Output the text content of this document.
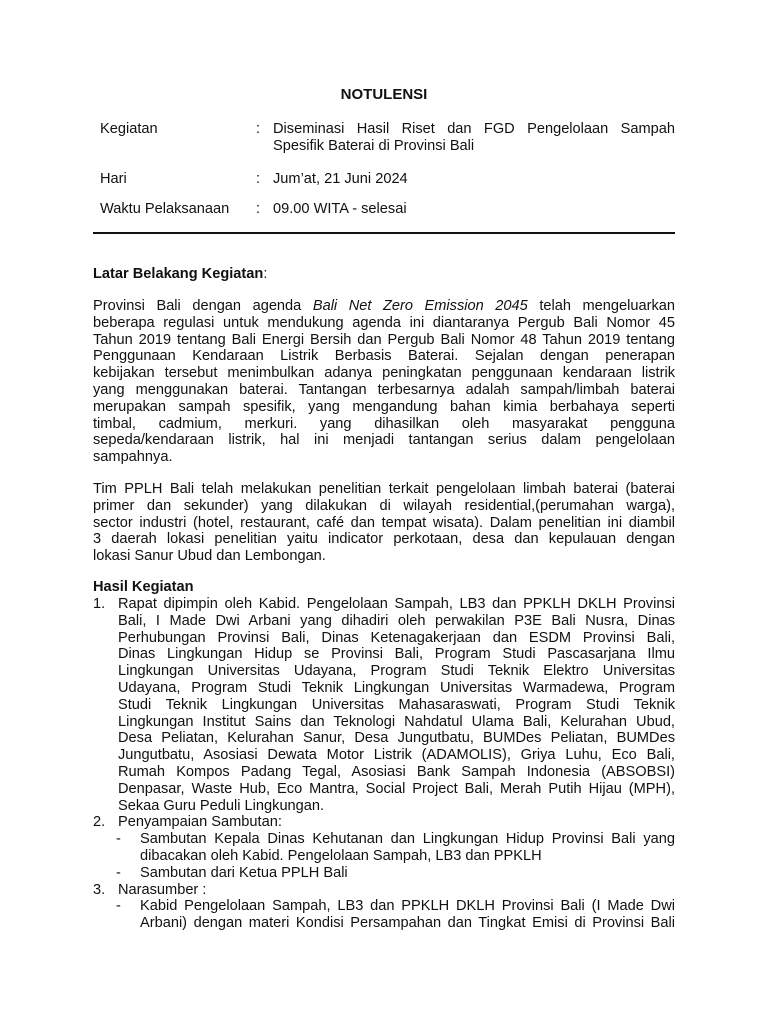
NOTULENSI
Kegiatan	: Diseminasi Hasil Riset dan FGD Pengelolaan Sampah
Spesifik Baterai di Provinsi Bali
Hari	: Jum’at, 21 Juni 2024
Waktu Pelaksanaan	: 09.00 WITA - selesai
Latar Belakang Kegiatan:
Provinsi Bali dengan agenda Bali Net Zero Emission 2045 telah mengeluarkan
beberapa regulasi untuk mendukung agenda ini diantaranya Pergub Bali Nomor 45
Tahun 2019 tentang Bali Energi Bersih dan Pergub Bali Nomor 48 Tahun 2019 tentang
Penggunaan Kendaraan Listrik Berbasis Baterai. Sejalan dengan penerapan
kebijakan tersebut menimbulkan adanya peningkatan penggunaan kendaraan listrik
yang menggunakan baterai. Tantangan terbesarnya adalah sampah/limbah baterai
merupakan sampah spesifik, yang mengandung bahan kimia berbahaya seperti
timbal, cadmium, merkuri. yang dihasilkan oleh masyarakat pengguna
sepeda/kendaraan listrik, hal ini menjadi tantangan serius dalam pengelolaan
sampahnya.
Tim PPLH Bali telah melakukan penelitian terkait pengelolaan limbah baterai (baterai
primer dan sekunder) yang dilakukan di wilayah residential,(perumahan warga),
sector industri (hotel, restaurant, café dan tempat wisata). Dalam penelitian ini diambil
3 daerah lokasi penelitian yaitu indicator perkotaan, desa dan kepulauan dengan
lokasi Sanur Ubud dan Lembongan.
Hasil Kegiatan
1. Rapat dipimpin oleh Kabid. Pengelolaan Sampah, LB3 dan PPKLH DKLH Provinsi
Bali, I Made Dwi Arbani yang dihadiri oleh perwakilan P3E Bali Nusra, Dinas
Perhubungan Provinsi Bali, Dinas Ketenagakerjaan dan ESDM Provinsi Bali,
Dinas Lingkungan Hidup se Provinsi Bali, Program Studi Pascasarjana Ilmu
Lingkungan Universitas Udayana, Program Studi Teknik Elektro Universitas
Udayana, Program Studi Teknik Lingkungan Universitas Warmadewa, Program
Studi Teknik Lingkungan Universitas Mahasaraswati, Program Studi Teknik
Lingkungan Institut Sains dan Teknologi Nahdatul Ulama Bali, Kelurahan Ubud,
Desa Peliatan, Kelurahan Sanur, Desa Jungutbatu, BUMDes Peliatan, BUMDes
Jungutbatu, Asosiasi Dewata Motor Listrik (ADAMOLIS), Griya Luhu, Eco Bali,
Rumah Kompos Padang Tegal, Asosiasi Bank Sampah Indonesia (ABSOBSI)
Denpasar, Waste Hub, Eco Mantra, Social Project Bali, Merah Putih Hijau (MPH),
Sekaa Guru Peduli Lingkungan.
2. Penyampaian Sambutan:
- Sambutan Kepala Dinas Kehutanan dan Lingkungan Hidup Provinsi Bali yang
dibacakan oleh Kabid. Pengelolaan Sampah, LB3 dan PPKLH
- Sambutan dari Ketua PPLH Bali
3. Narasumber :
- Kabid Pengelolaan Sampah, LB3 dan PPKLH DKLH Provinsi Bali (I Made Dwi
Arbani) dengan materi Kondisi Persampahan dan Tingkat Emisi di Provinsi Bali
